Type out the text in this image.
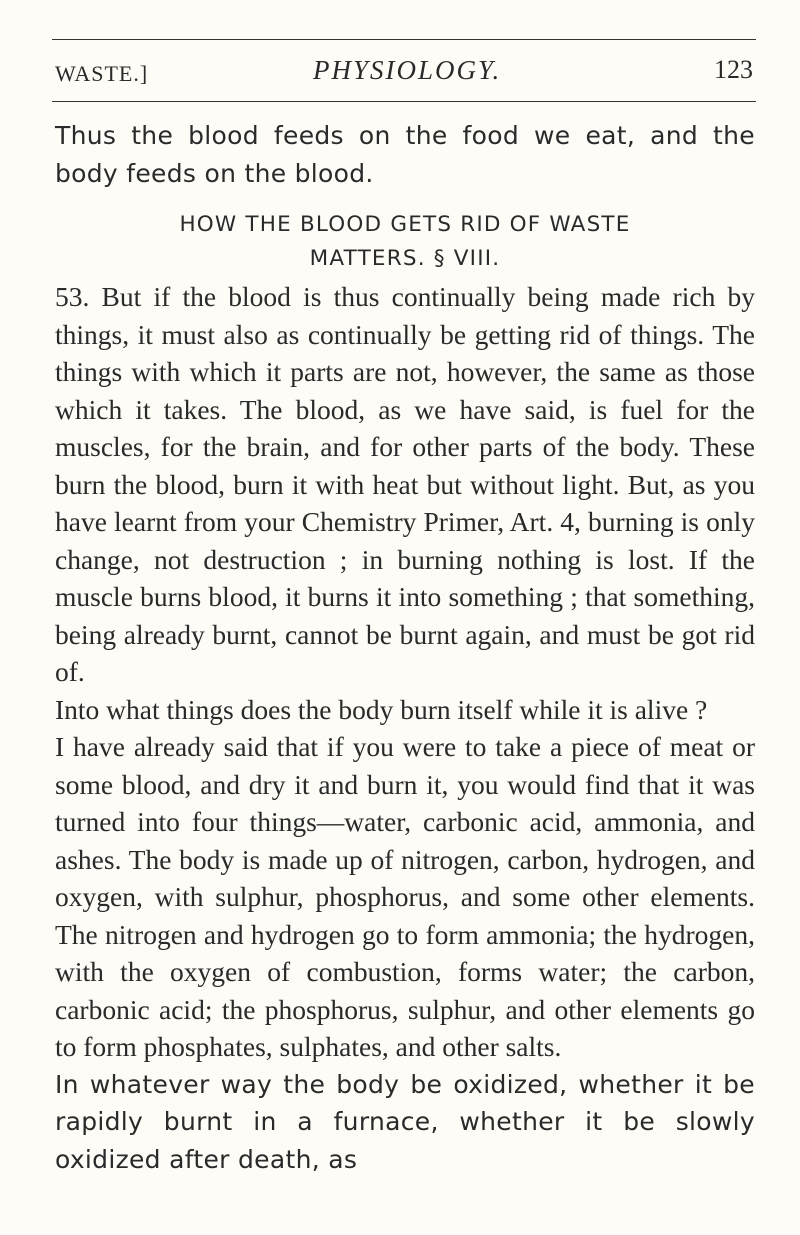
WASTE.]	PHYSIOLOGY.	123

Thus the blood feeds on the food we eat, and the body feeds on the blood.

HOW THE BLOOD GETS RID OF WASTE

MATTERS. § VIII.

53. But if the blood is thus continually being made rich by things, it must also as continually be getting rid of things. The things with which it parts are not, however, the same as those which it takes. The blood, as we have said, is fuel for the muscles, for the brain, and for other parts of the body. These burn the blood, burn it with heat but without light. But, as you have learnt from your Chemistry Primer, Art. 4, burning is only change, not destruction ; in burning nothing is lost. If the muscle burns blood, it burns it into something ; that something, being already burnt, cannot be burnt again, and must be got rid of.

Into what things does the body burn itself while it is alive ?

I have already said that if you were to take a piece of meat or some blood, and dry it and burn it, you would find that it was turned into four things—water, carbonic acid, ammonia, and ashes. The body is made up of nitrogen, carbon, hydrogen, and oxygen, with sulphur, phosphorus, and some other elements. The nitrogen and hydrogen go to form ammonia; the hydrogen, with the oxygen of combustion, forms water; the carbon, carbonic acid; the phosphorus, sulphur, and other elements go to form phosphates, sulphates, and other salts.

In whatever way the body be oxidized, whether it be rapidly burnt in a furnace, whether it be slowly oxidized after death, as
